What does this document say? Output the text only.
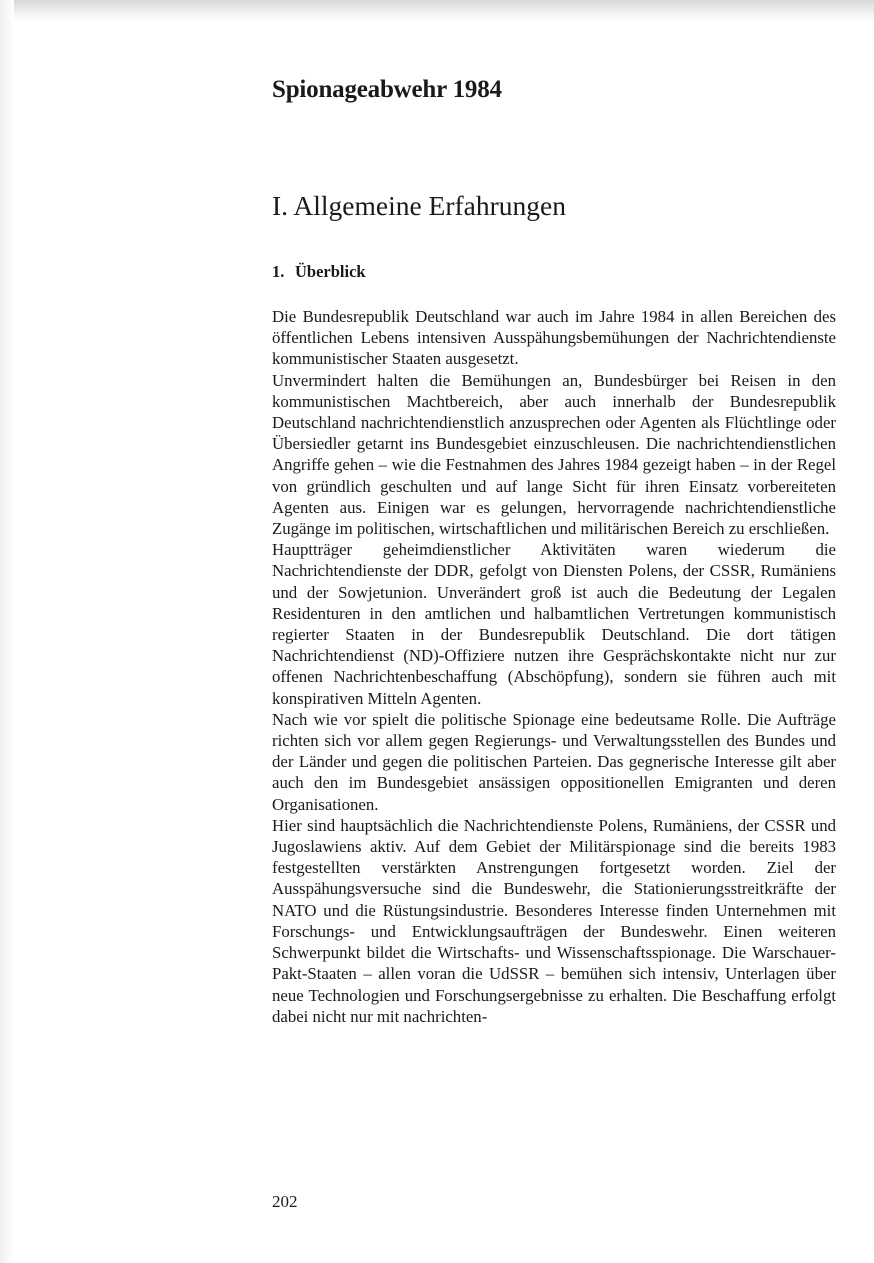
Spionageabwehr 1984
I. Allgemeine Erfahrungen
1. Überblick

Die Bundesrepublik Deutschland war auch im Jahre 1984 in allen Bereichen des öffentlichen Lebens intensiven Ausspähungsbemühungen der Nachrichtendienste kommunistischer Staaten ausgesetzt.

Unvermindert halten die Bemühungen an, Bundesbürger bei Reisen in den kommunistischen Machtbereich, aber auch innerhalb der Bundesrepublik Deutschland nachrichtendienstlich anzusprechen oder Agenten als Flüchtlinge oder Übersiedler getarnt ins Bundesgebiet einzuschleusen. Die nachrichtendienstlichen Angriffe gehen – wie die Festnahmen des Jahres 1984 gezeigt haben – in der Regel von gründlich geschulten und auf lange Sicht für ihren Einsatz vorbereiteten Agenten aus. Einigen war es gelungen, hervorragende nachrichtendienstliche Zugänge im politischen, wirtschaftlichen und militärischen Bereich zu erschließen.

Hauptträger geheimdienstlicher Aktivitäten waren wiederum die Nachrichtendienste der DDR, gefolgt von Diensten Polens, der CSSR, Rumäniens und der Sowjetunion. Unverändert groß ist auch die Bedeutung der Legalen Residenturen in den amtlichen und halbamtlichen Vertretungen kommunistisch regierter Staaten in der Bundesrepublik Deutschland. Die dort tätigen Nachrichtendienst (ND)-Offiziere nutzen ihre Gesprächskontakte nicht nur zur offenen Nachrichtenbeschaffung (Abschöpfung), sondern sie führen auch mit konspirativen Mitteln Agenten.

Nach wie vor spielt die politische Spionage eine bedeutsame Rolle. Die Aufträge richten sich vor allem gegen Regierungs- und Verwaltungsstellen des Bundes und der Länder und gegen die politischen Parteien. Das gegnerische Interesse gilt aber auch den im Bundesgebiet ansässigen oppositionellen Emigranten und deren Organisationen.

Hier sind hauptsächlich die Nachrichtendienste Polens, Rumäniens, der CSSR und Jugoslawiens aktiv. Auf dem Gebiet der Militärspionage sind die bereits 1983 festgestellten verstärkten Anstrengungen fortgesetzt worden. Ziel der Ausspähungsversuche sind die Bundeswehr, die Stationierungsstreitkräfte der NATO und die Rüstungsindustrie. Besonderes Interesse finden Unternehmen mit Forschungs- und Entwicklungsaufträgen der Bundeswehr. Einen weiteren Schwerpunkt bildet die Wirtschafts- und Wissenschaftsspionage. Die Warschauer-Pakt-Staaten – allen voran die UdSSR – bemühen sich intensiv, Unterlagen über neue Technologien und Forschungsergebnisse zu erhalten. Die Beschaffung erfolgt dabei nicht nur mit nachrichten-

202
